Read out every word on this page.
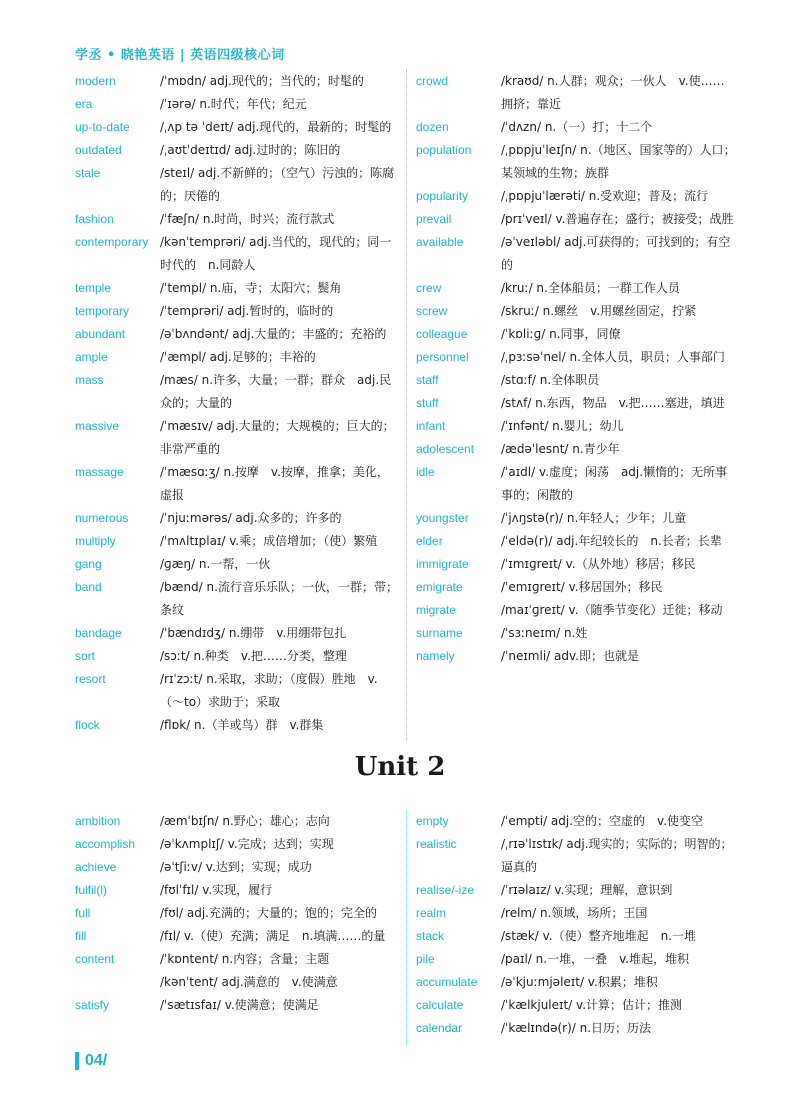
学丞 • 晓艳英语 | 英语四级核心词
modern	/ˈmɒdn/ adj.现代的；当代的；时髦的
era	/ˈɪərə/ n.时代；年代；纪元
up-to-date	/ˌʌp tə ˈdeɪt/ adj.现代的，最新的；时髦的
outdated	/ˌaʊtˈdeɪtɪd/ adj.过时的；陈旧的
stale	/steɪl/ adj.不新鲜的；（空气）污浊的；陈腐的；厌倦的
fashion	/ˈfæʃn/ n.时尚，时兴；流行款式
contemporary /kənˈtemprəri/ adj.当代的，现代的；同一时代的　n.同龄人
temple	/ˈtempl/ n.庙，寺；太阳穴；鬓角
temporary	/ˈtemprəri/ adj.暂时的，临时的
abundant	/əˈbʌndənt/ adj.大量的；丰盛的；充裕的
ample	/ˈæmpl/ adj.足够的；丰裕的
mass	/mæs/ n.许多，大量；一群；群众　adj.民众的；大量的
massive	/ˈmæsɪv/ adj.大量的；大规模的；巨大的；非常严重的
massage	/ˈmæsɑːʒ/ n.按摩　v.按摩，推拿；美化，虚报
numerous	/ˈnjuːmərəs/ adj.众多的；许多的
multiply	/ˈmʌltɪplaɪ/ v.乘；成倍增加；（使）繁殖
gang	/ɡæŋ/ n.一帮，一伙
band	/bænd/ n.流行音乐乐队；一伙，一群；带；条纹
bandage	/ˈbændɪdʒ/ n.绷带　v.用绷带包扎
sort	/sɔːt/ n.种类　v.把……分类，整理
resort	/rɪˈzɔːt/ n.采取，求助；（度假）胜地　v.（～to）求助于；采取
flock	/flɒk/ n.（羊或鸟）群　v.群集
crowd	/kraʊd/ n.人群；观众；一伙人　v.使……拥挤；靠近
dozen	/ˈdʌzn/ n.（一）打；十二个
population	/ˌpɒpjuˈleɪʃn/ n.（地区、国家等的）人口；某领域的生物；族群
popularity	/ˌpɒpjuˈlærəti/ n.受欢迎；普及；流行
prevail	/prɪˈveɪl/ v.普遍存在；盛行；被接受；战胜
available	/əˈveɪləbl/ adj.可获得的；可找到的；有空的
crew	/kruː/ n.全体船员；一群工作人员
screw	/skruː/ n.螺丝　v.用螺丝固定，拧紧
colleague	/ˈkɒliːɡ/ n.同事，同僚
personnel	/ˌpɜːsəˈnel/ n.全体人员，职员；人事部门
staff	/stɑːf/ n.全体职员
stuff	/stʌf/ n.东西，物品　v.把……塞进，填进
infant	/ˈɪnfənt/ n.婴儿；幼儿
adolescent	/ædəˈlesnt/ n.青少年
idle	/ˈaɪdl/ v.虚度；闲荡　adj.懒惰的；无所事事的；闲散的
youngster	/ˈjʌŋstə(r)/ n.年轻人；少年；儿童
elder	/ˈeldə(r)/ adj.年纪较长的　n.长者；长辈
immigrate	/ˈɪmɪɡreɪt/ v.（从外地）移居；移民
emigrate	/ˈemɪɡreɪt/ v.移居国外；移民
migrate	/maɪˈɡreɪt/ v.（随季节变化）迁徙；移动
surname	/ˈsɜːneɪm/ n.姓
namely	/ˈneɪmli/ adv.即；也就是
Unit 2
ambition	/æmˈbɪʃn/ n.野心；雄心；志向
accomplish	/əˈkʌmplɪʃ/ v.完成；达到；实现
achieve	/əˈtʃiːv/ v.达到；实现；成功
fulfil(l)	/fʊlˈfɪl/ v.实现，履行
full	/fʊl/ adj.充满的；大量的；饱的；完全的
fill	/fɪl/ v.（使）充满；满足　n.填满……的量
content	/ˈkɒntent/ n.内容；含量；主题
/kənˈtent/ adj.满意的　v.使满意
satisfy	/ˈsætɪsfaɪ/ v.使满意；使满足
empty	/ˈempti/ adj.空的；空虚的　v.使变空
realistic	/ˌrɪəˈlɪstɪk/ adj.现实的；实际的；明智的；逼真的
realise/-ize	/ˈrɪəlaɪz/ v.实现；理解，意识到
realm	/relm/ n.领域，场所；王国
stack	/stæk/ v.（使）整齐地堆起　n.一堆
pile	/paɪl/ n.一堆，一叠　v.堆起，堆积
accumulate	/əˈkjuːmjəleɪt/ v.积累；堆积
calculate	/ˈkælkjuleɪt/ v.计算；估计；推测
calendar	/ˈkælɪndə(r)/ n.日历；历法
04/
